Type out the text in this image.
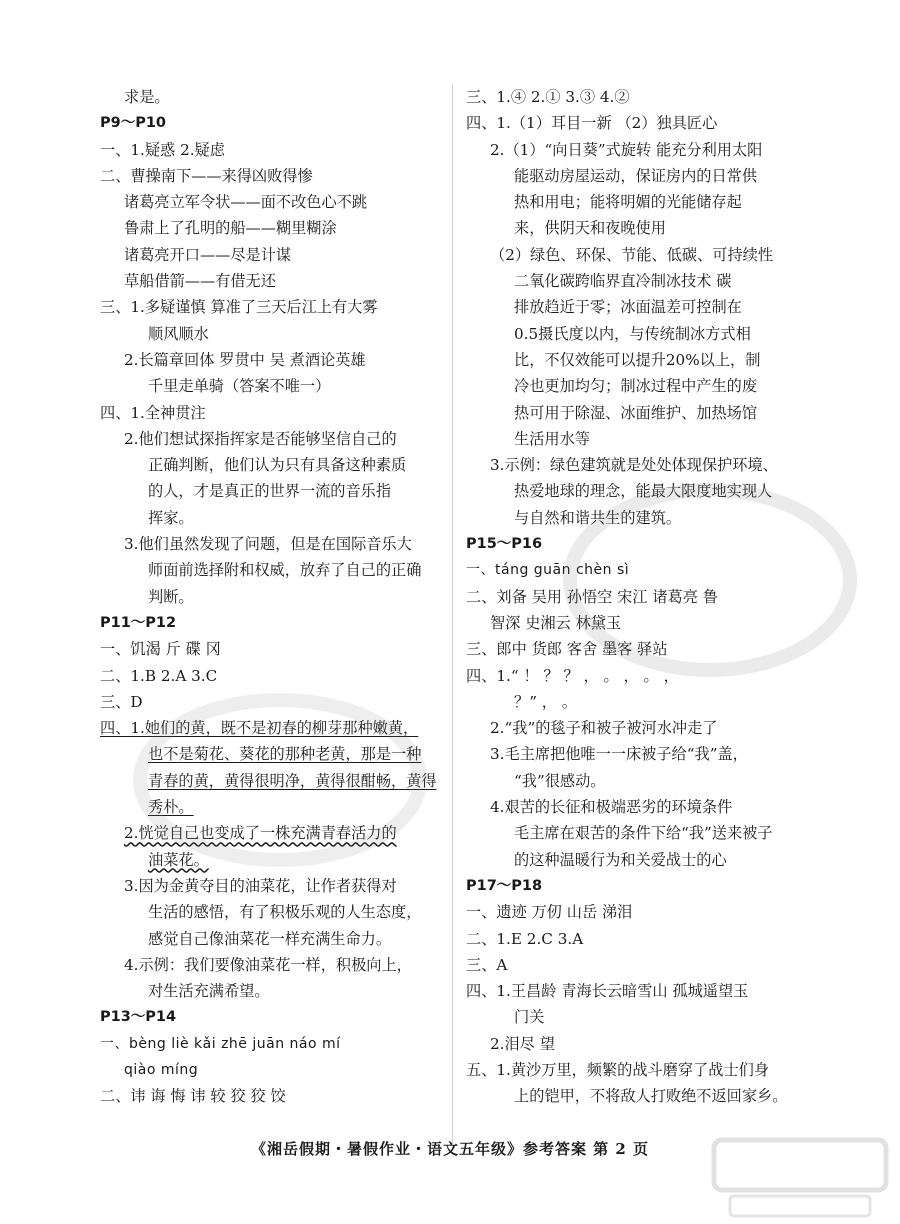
求是。
P9～P10
一、1.疑惑 2.疑虑
二、曹操南下——来得凶败得惨
诸葛亮立军令状——面不改色心不跳
鲁肃上了孔明的船——糊里糊涂
诸葛亮开口——尽是计谋
草船借箭——有借无还
三、1.多疑谨慎 算准了三天后江上有大雾
顺风顺水
2.长篇章回体 罗贯中 吴 煮酒论英雄
千里走单骑（答案不唯一）
四、1.全神贯注
2.他们想试探指挥家是否能够坚信自己的
正确判断，他们认为只有具备这种素质
的人，才是真正的世界一流的音乐指
挥家。
3.他们虽然发现了问题，但是在国际音乐大
师面前选择附和权威，放弃了自己的正确
判断。
P11～P12
一、饥渴 斤 碟 冈
二、1.B 2.A 3.C
三、D
四、1.她们的黄，既不是初春的柳芽那种嫩黄，
也不是菊花、葵花的那种老黄，那是一种
青春的黄，黄得很明净，黄得很酣畅，黄得
秀朴。
2.恍觉自己也变成了一株充满青春活力的
油菜花。
3.因为金黄夺目的油菜花，让作者获得对
生活的感悟，有了积极乐观的人生态度，
感觉自己像油菜花一样充满生命力。
4.示例：我们要像油菜花一样，积极向上，
对生活充满希望。
P13～P14
一、bèng liè kǎi zhē juān náo mí
qiào míng
二、讳 诲 悔 讳 较 狡 狡 饺
三、1.④ 2.① 3.③ 4.②
四、1.（1）耳目一新 （2）独具匠心
2.（1）“向日葵”式旋转 能充分利用太阳
能驱动房屋运动，保证房内的日常供
热和用电；能将明媚的光能储存起
来，供阴天和夜晚使用
（2）绿色、环保、节能、低碳、可持续性
二氧化碳跨临界直冷制冰技术 碳
排放趋近于零；冰面温差可控制在
0.5摄氏度以内，与传统制冰方式相
比，不仅效能可以提升20%以上，制
冷也更加均匀；制冰过程中产生的废
热可用于除湿、冰面维护、加热场馆
生活用水等
3.示例：绿色建筑就是处处体现保护环境、
热爱地球的理念，能最大限度地实现人
与自然和谐共生的建筑。
P15～P16
一、táng guān chèn sì
二、刘备 吴用 孙悟空 宋江 诸葛亮 鲁
智深 史湘云 林黛玉
三、郎中 货郎 客舍 墨客 驿站
四、1.“ ！ ？ ？ ， 。 ， 。 ，
？” ， 。
2.“我”的毯子和被子被河水冲走了
3.毛主席把他唯一一床被子给“我”盖，
“我”很感动。
4.艰苦的长征和极端恶劣的环境条件
毛主席在艰苦的条件下给“我”送来被子
的这种温暖行为和关爱战士的心
P17～P18
一、遗迹 万仞 山岳 涕泪
二、1.E 2.C 3.A
三、A
四、1.王昌龄 青海长云暗雪山 孤城遥望玉
门关
2.泪尽 望
五、1.黄沙万里，频繁的战斗磨穿了战士们身
上的铠甲，不将敌人打败绝不返回家乡。
《湘岳假期・暑假作业・语文五年级》参考答案 第 2 页
